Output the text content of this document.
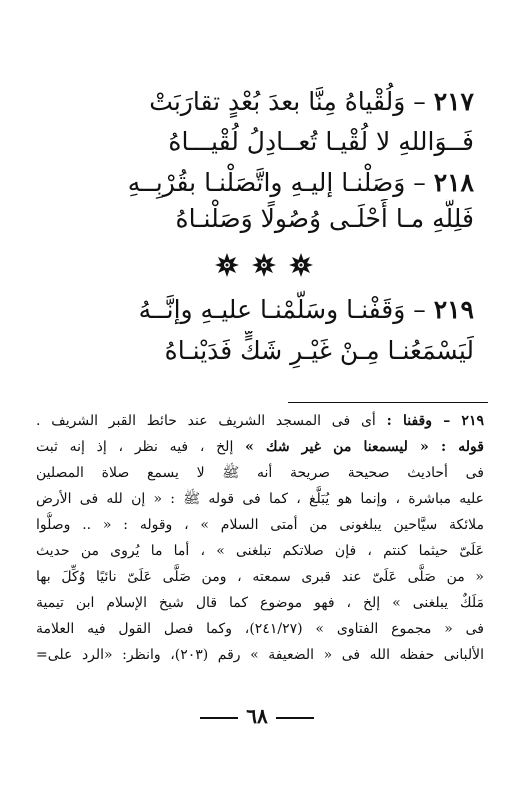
٢١٧ – وَلُقْياهُ مِنَّا بعدَ بُعْدٍ تقارَبَتْ
فَــوَاللهِ لا لُقْيـا تُعــادِلُ لُقْيـــاهُ
٢١٨ – وَصَلْنـا إليـهِ واتَّصَلْنـا بقُرْبِــهِ
فَلِلَّهِ مـا أَحْلَـى وُصُولًا وَصَلْنـاهُ
٢١٩ – وَقَفْنـا وسَلَّمْنـا عليـهِ وإنَّــهُ
لَيَسْمَعُنـا مِـنْ غَيْـرِ شَكٍّ فَدَيْنـاهُ
٢١٩ – وقفنا : أى فى المسجد الشريف عند حائط القبر الشريف .
قوله : « ليسمعنا من غير شك » إلخ ، فيه نظر ، إذ إنه ثبت
فى أحاديث صحيحة صريحة أنه ﷺ لا يسمع صلاة المصلين
عليه مباشرة ، وإنما هو يُبَلَّغ ، كما فى قوله ﷺ : « إن لله فى الأرض
ملائكة سيَّاحين يبلغونى من أمتى السلام » ، وقوله : « .. وصلُّوا
عَلَىّ حيثما كنتم ، فإن صلاتكم تبلغنى » ، أما ما يُروى من حديث
« من صَلَّى عَلَىّ عند قبرى سمعته ، ومن صَلَّى عَلَىّ نائيًا وُكِّلَ بها
مَلَكٌ يبلغنى » إلخ ، فهو موضوع كما قال شيخ الإسلام ابن تيمية
فى « مجموع الفتاوى » (٢٤١/٢٧)، وكما فصل القول فيه العلامة
الألبانى حفظه الله فى « الضعيفة » رقم (٢٠٣)، وانظر: «الرد على=
٦٨
